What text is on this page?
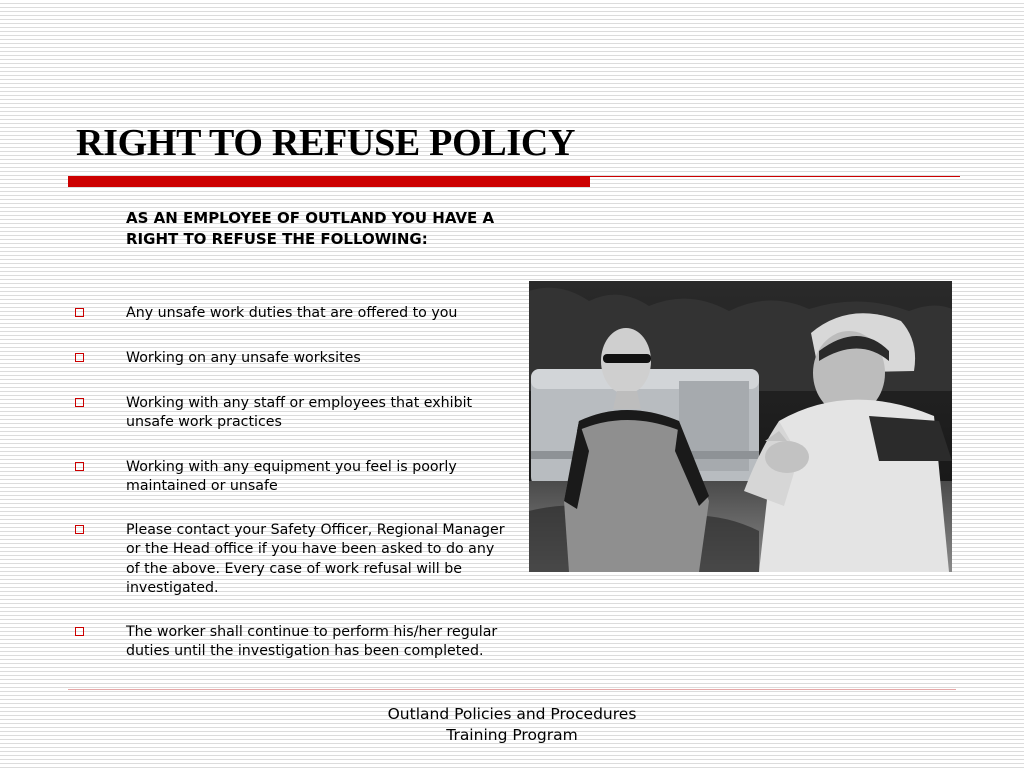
RIGHT TO REFUSE POLICY

AS AN EMPLOYEE OF OUTLAND YOU HAVE A RIGHT TO REFUSE THE FOLLOWING:

Any unsafe work duties that are offered to you

Working on any unsafe worksites

Working with any staff or employees that exhibit unsafe work practices

Working with any equipment you feel is poorly maintained or unsafe

Please contact your Safety Officer, Regional Manager or the Head office if you have been asked to do any of the above. Every case of work refusal will be investigated.

The worker shall continue to perform his/her regular duties until the investigation has been completed.

Outland Policies and Procedures
Training Program
